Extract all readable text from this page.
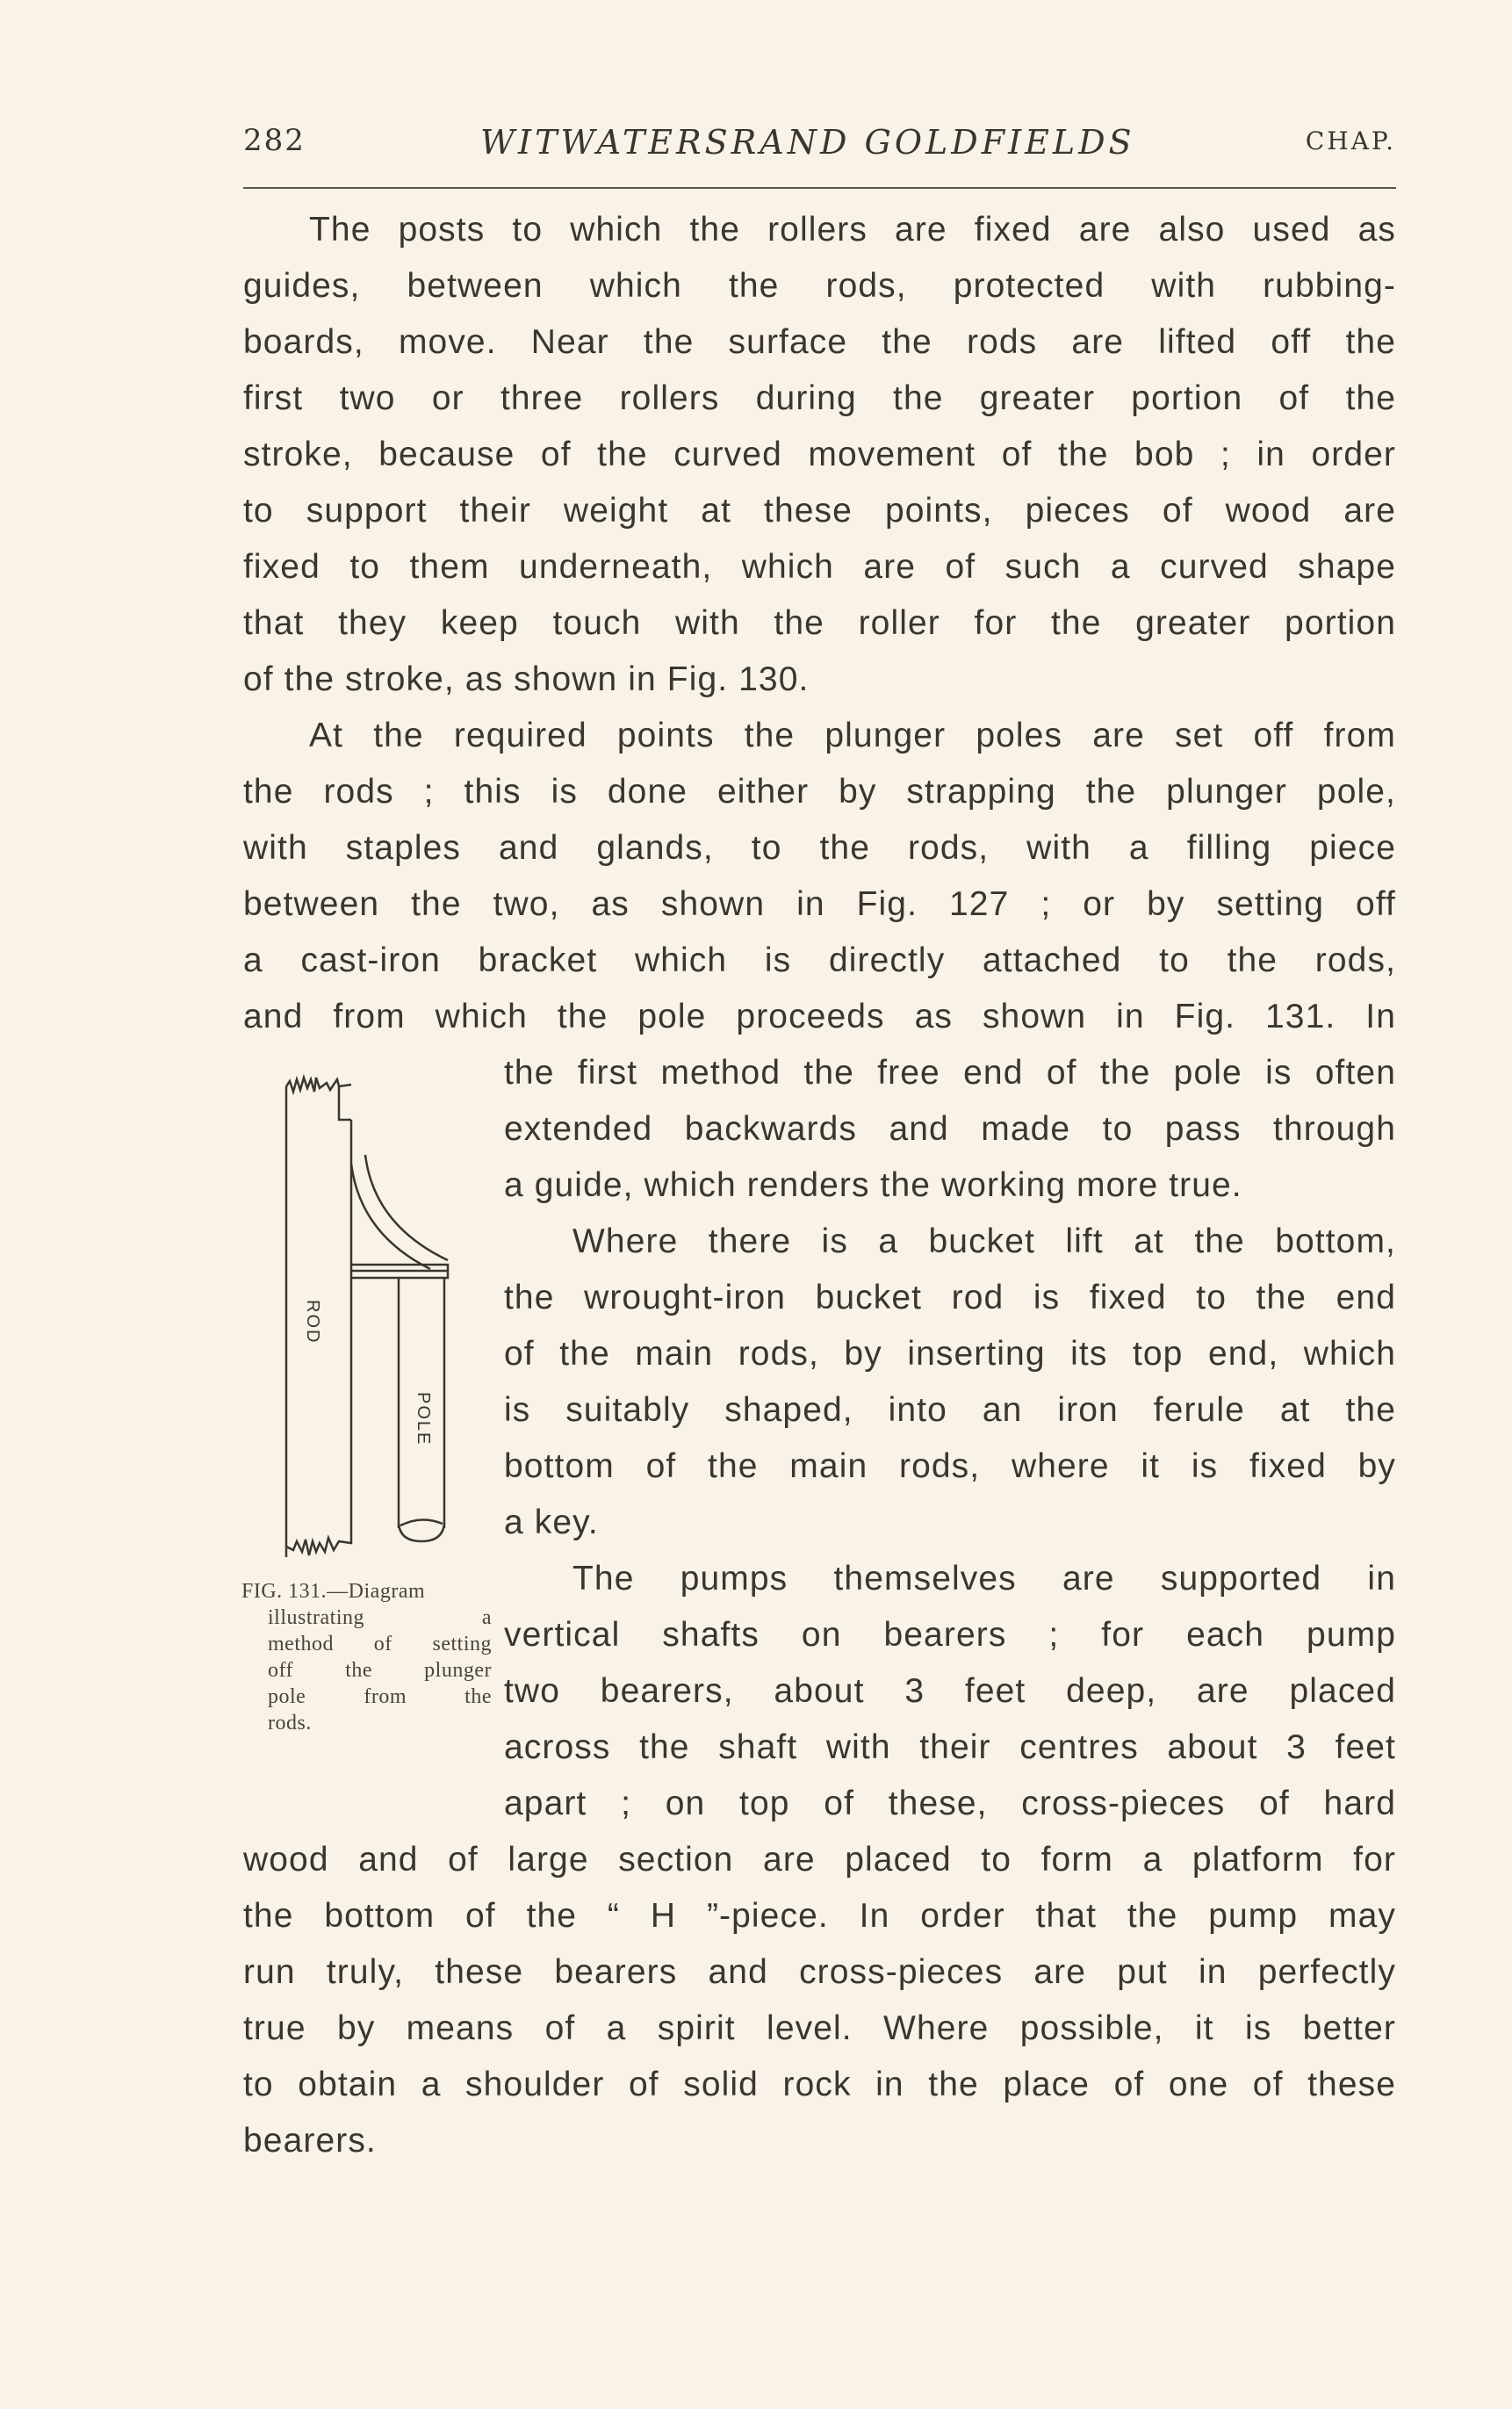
282	WITWATERSRAND GOLDFIELDS	CHAP.
The posts to which the rollers are fixed are also used as
guides, between which the rods, protected with rubbing-
boards, move. Near the surface the rods are lifted off the
first two or three rollers during the greater portion of the
stroke, because of the curved movement of the bob ; in order
to support their weight at these points, pieces of wood are
fixed to them underneath, which are of such a curved shape
that they keep touch with the roller for the greater portion
of the stroke, as shown in Fig. 130.
At the required points the plunger poles are set off from
the rods ; this is done either by strapping the plunger pole,
with staples and glands, to the rods, with a filling piece
between the two, as shown in Fig. 127 ; or by setting off
a cast-iron bracket which is directly attached to the rods,
and from which the pole proceeds as shown in Fig. 131. In
the first method the free end of the pole is often
extended backwards and made to pass through
a guide, which renders the working more true.
Where there is a bucket lift at the bottom,
the wrought-iron bucket rod is fixed to the end
of the main rods, by inserting its top end, which
is suitably shaped, into an iron ferule at the
bottom of the main rods, where it is fixed by
a key.
The pumps themselves are supported in
vertical shafts on bearers ; for each pump
two bearers, about 3 feet deep, are placed
across the shaft with their centres about 3 feet
apart ; on top of these, cross-pieces of hard
wood and of large section are placed to form a platform for
the bottom of the “ H ”-piece. In order that the pump may
run truly, these bearers and cross-pieces are put in perfectly
true by means of a spirit level. Where possible, it is better
to obtain a shoulder of solid rock in the place of one of these
bearers.
ROD
POLE
FIG. 131.—Diagram
illustrating a
method of setting
off the plunger
pole from the
rods.
